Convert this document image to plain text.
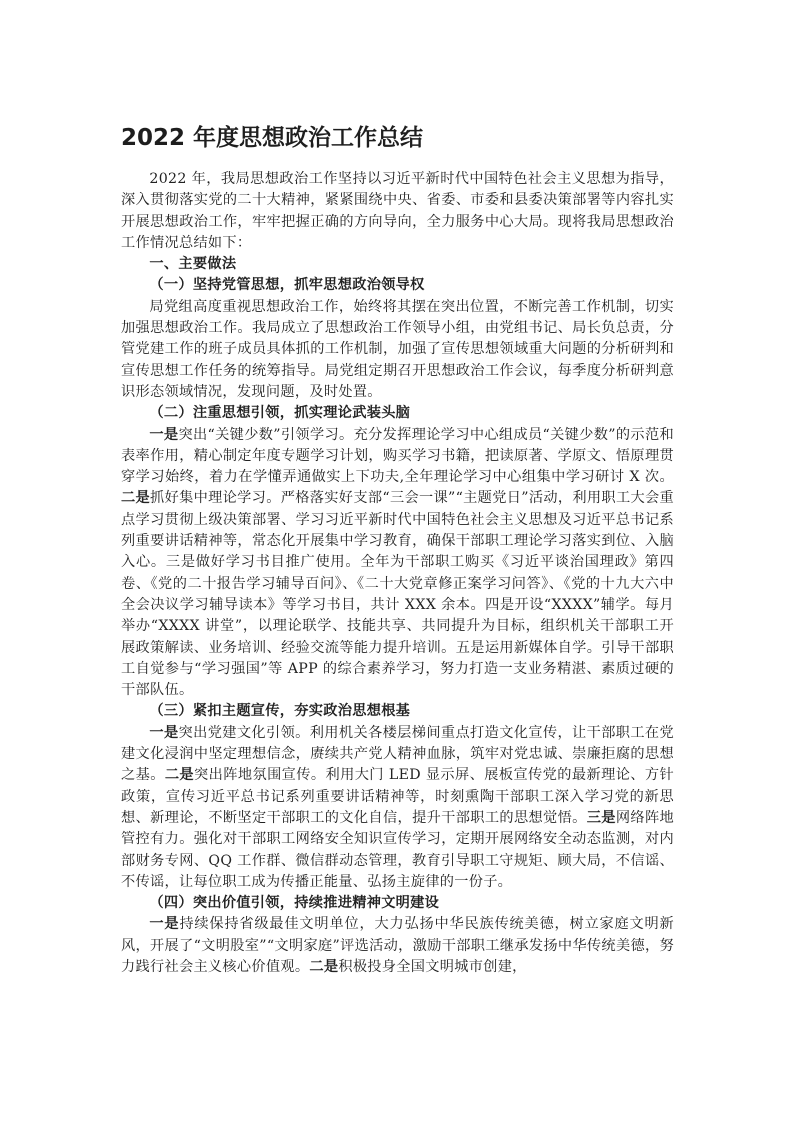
2022 年度思想政治工作总结

2022 年，我局思想政治工作坚持以习近平新时代中国特色社会主义思想为指导，深入贯彻落实党的二十大精神，紧紧围绕中央、省委、市委和县委决策部署等内容扎实开展思想政治工作，牢牢把握正确的方向导向，全力服务中心大局。现将我局思想政治工作情况总结如下：

一、主要做法

（一）坚持党管思想，抓牢思想政治领导权

局党组高度重视思想政治工作，始终将其摆在突出位置，不断完善工作机制，切实加强思想政治工作。我局成立了思想政治工作领导小组，由党组书记、局长负总责，分管党建工作的班子成员具体抓的工作机制，加强了宣传思想领域重大问题的分析研判和宣传思想工作任务的统筹指导。局党组定期召开思想政治工作会议，每季度分析研判意识形态领域情况，发现问题，及时处置。

（二）注重思想引领，抓实理论武装头脑

一是突出“关键少数”引领学习。充分发挥理论学习中心组成员“关键少数”的示范和表率作用，精心制定年度专题学习计划，购买学习书籍，把读原著、学原文、悟原理贯穿学习始终，着力在学懂弄通做实上下功夫,全年理论学习中心组集中学习研讨 X 次。二是抓好集中理论学习。严格落实好支部“三会一课”“主题党日”活动，利用职工大会重点学习贯彻上级决策部署、学习习近平新时代中国特色社会主义思想及习近平总书记系列重要讲话精神等，常态化开展集中学习教育，确保干部职工理论学习落实到位、入脑入心。三是做好学习书目推广使用。全年为干部职工购买《习近平谈治国理政》第四卷、《党的二十报告学习辅导百问》、《二十大党章修正案学习问答》、《党的十九大六中全会决议学习辅导读本》等学习书目，共计 XXX 余本。四是开设“XXXX”辅学。每月举办“XXXX 讲堂”，以理论联学、技能共享、共同提升为目标，组织机关干部职工开展政策解读、业务培训、经验交流等能力提升培训。五是运用新媒体自学。引导干部职工自觉参与“学习强国”等 APP 的综合素养学习，努力打造一支业务精湛、素质过硬的干部队伍。

（三）紧扣主题宣传，夯实政治思想根基

一是突出党建文化引领。利用机关各楼层梯间重点打造文化宣传，让干部职工在党建文化浸润中坚定理想信念，赓续共产党人精神血脉，筑牢对党忠诚、崇廉拒腐的思想之基。二是突出阵地氛围宣传。利用大门 LED 显示屏、展板宣传党的最新理论、方针政策，宣传习近平总书记系列重要讲话精神等，时刻熏陶干部职工深入学习党的新思想、新理论，不断坚定干部职工的文化自信，提升干部职工的思想觉悟。三是网络阵地管控有力。强化对干部职工网络安全知识宣传学习，定期开展网络安全动态监测，对内部财务专网、QQ 工作群、微信群动态管理，教育引导职工守规矩、顾大局，不信谣、不传谣，让每位职工成为传播正能量、弘扬主旋律的一份子。

（四）突出价值引领，持续推进精神文明建设

一是持续保持省级最佳文明单位，大力弘扬中华民族传统美德，树立家庭文明新风，开展了“文明股室”“文明家庭”评选活动，激励干部职工继承发扬中华传统美德，努力践行社会主义核心价值观。二是积极投身全国文明城市创建，
